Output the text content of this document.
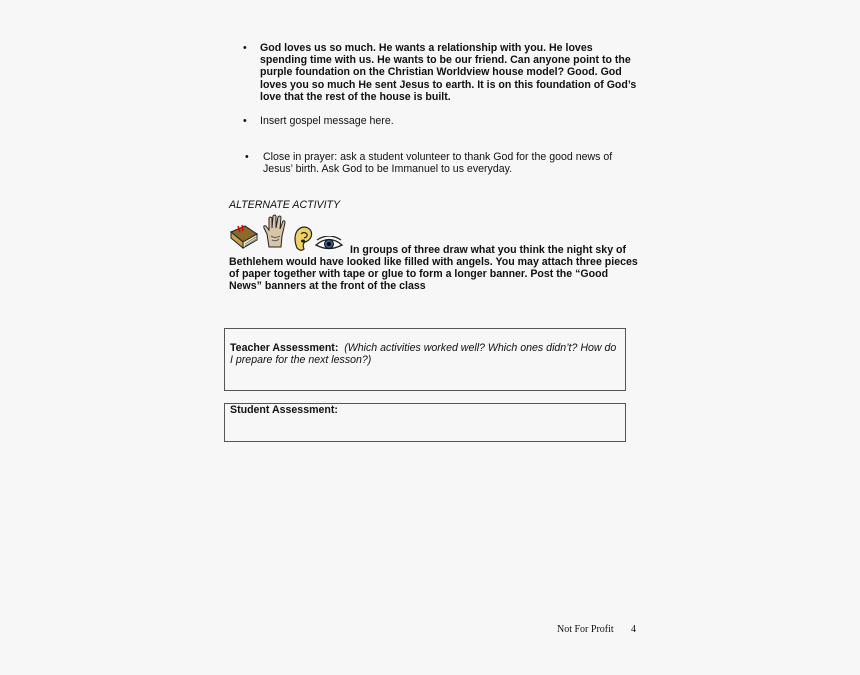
•	God loves us so much. He wants a relationship with you. He loves spending time with us. He wants to be our friend. Can anyone point to the purple foundation on the Christian Worldview house model? Good. God loves you so much He sent Jesus to earth. It is on this foundation of God’s love that the rest of the house is built.
•	Insert gospel message here.
•	Close in prayer: ask a student volunteer to thank God for the good news of Jesus’ birth. Ask God to be Immanuel to us everyday.
ALTERNATE ACTIVITY
In groups of three draw what you think the night sky of
Bethlehem would have looked like filled with angels. You may attach three pieces of paper together with tape or glue to form a longer banner. Post the “Good News” banners at the front of the class
Teacher Assessment: (Which activities worked well? Which ones didn’t? How do I prepare for the next lesson?)
Student Assessment:
Not For Profit 4
